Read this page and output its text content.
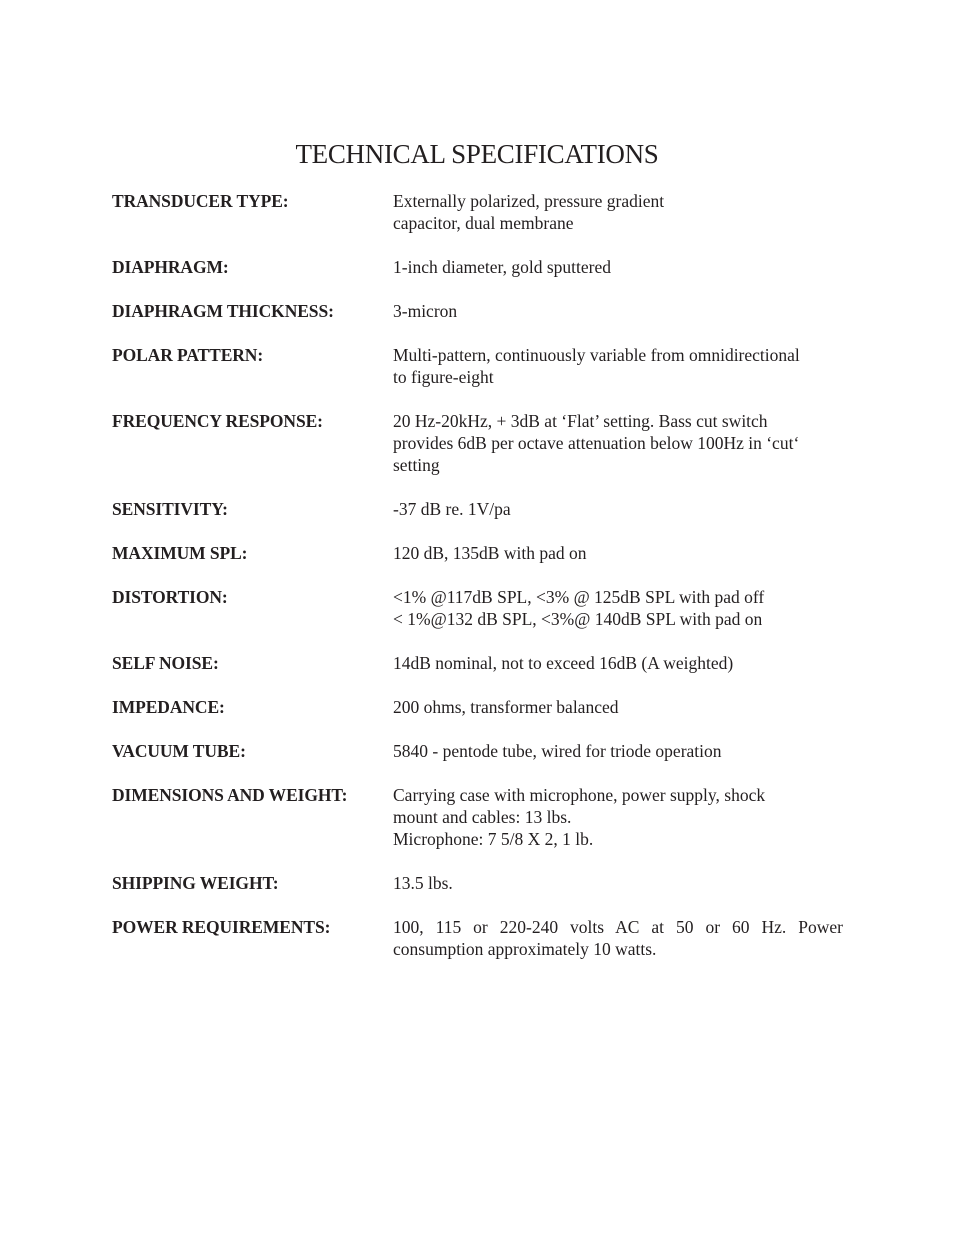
TECHNICAL SPECIFICATIONS
TRANSDUCER TYPE:	Externally polarized, pressure gradient
capacitor, dual membrane
DIAPHRAGM:	1-inch diameter, gold sputtered
DIAPHRAGM THICKNESS:	3-micron
POLAR PATTERN:	Multi-pattern, continuously variable from omnidirectional
to figure-eight
FREQUENCY RESPONSE:	20 Hz-20kHz, + 3dB at ‘Flat’ setting. Bass cut switch
provides 6dB per octave attenuation below 100Hz in ‘cut‘
setting
SENSITIVITY:	-37 dB re. 1V/pa
MAXIMUM SPL:	120 dB, 135dB with pad on
DISTORTION:	<1% @117dB SPL, <3% @ 125dB SPL with pad off
< 1%@132 dB SPL, <3%@ 140dB SPL with pad on
SELF NOISE:	14dB nominal, not to exceed 16dB (A weighted)
IMPEDANCE:	200 ohms, transformer balanced
VACUUM TUBE:	5840 - pentode tube, wired for triode operation
DIMENSIONS AND WEIGHT:	Carrying case with microphone, power supply, shock
mount and cables: 13 lbs.
Microphone: 7 5/8 X 2, 1 lb.
SHIPPING WEIGHT:	13.5 lbs.
POWER REQUIREMENTS:	100, 115 or 220-240 volts AC at 50 or 60 Hz. Power consumption approximately 10 watts.
